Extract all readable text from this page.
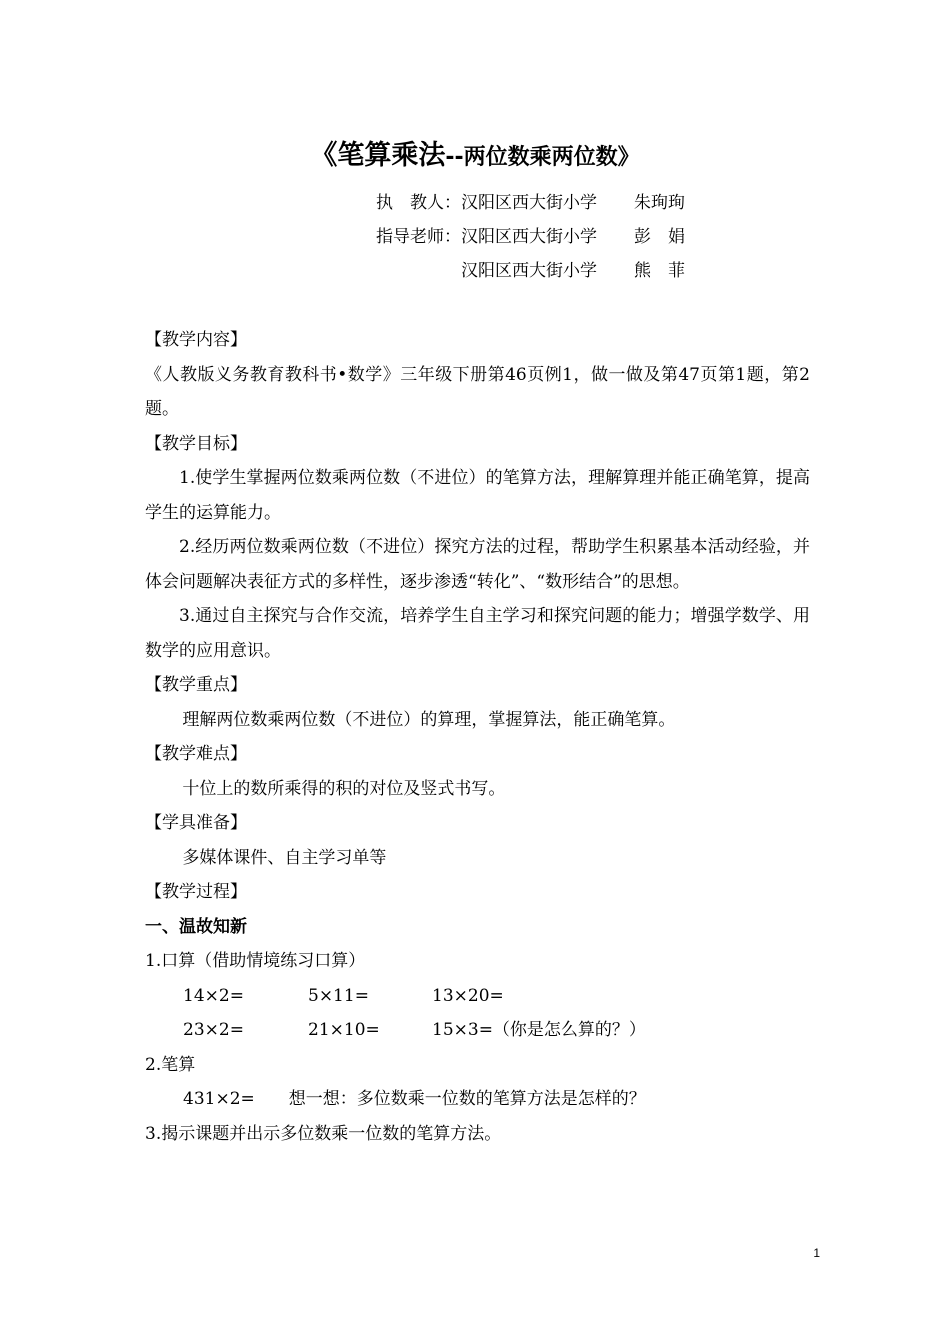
《笔算乘法--两位数乘两位数》
执　教人： 汉阳区西大街小学 朱珣珣
指导老师： 汉阳区西大街小学 彭　娟
汉阳区西大街小学 熊　菲

【教学内容】

《人教版义务教育教科书•数学》三年级下册第46页例1，做一做及第47页第1题，第2题。

【教学目标】

1.使学生掌握两位数乘两位数（不进位）的笔算方法，理解算理并能正确笔算，提高学生的运算能力。

2.经历两位数乘两位数（不进位）探究方法的过程，帮助学生积累基本活动经验，并体会问题解决表征方式的多样性，逐步渗透“转化”、“数形结合”的思想。

3.通过自主探究与合作交流，培养学生自主学习和探究问题的能力；增强学数学、用数学的应用意识。

【教学重点】

理解两位数乘两位数（不进位）的算理，掌握算法，能正确笔算。

【教学难点】

十位上的数所乘得的积的对位及竖式书写。

【学具准备】

多媒体课件、自主学习单等

【教学过程】

一、温故知新

1.口算（借助情境练习口算）

14×2=	5×11=	13×20=

23×2=	21×10=	15×3=（你是怎么算的？）

2.笔算

431×2=　　想一想：多位数乘一位数的笔算方法是怎样的？

3.揭示课题并出示多位数乘一位数的笔算方法。

1
